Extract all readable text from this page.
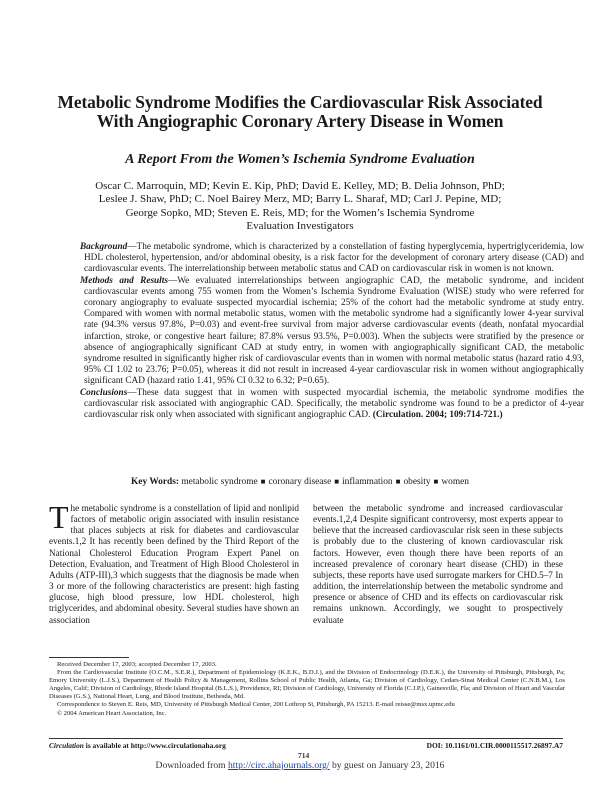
Metabolic Syndrome Modifies the Cardiovascular Risk Associated With Angiographic Coronary Artery Disease in Women
A Report From the Women’s Ischemia Syndrome Evaluation
Oscar C. Marroquin, MD; Kevin E. Kip, PhD; David E. Kelley, MD; B. Delia Johnson, PhD;
Leslee J. Shaw, PhD; C. Noel Bairey Merz, MD; Barry L. Sharaf, MD; Carl J. Pepine, MD;
George Sopko, MD; Steven E. Reis, MD; for the Women’s Ischemia Syndrome
Evaluation Investigators

Background—The metabolic syndrome, which is characterized by a constellation of fasting hyperglycemia, hypertriglyceridemia, low HDL cholesterol, hypertension, and/or abdominal obesity, is a risk factor for the development of coronary artery disease (CAD) and cardiovascular events. The interrelationship between metabolic status and CAD on cardiovascular risk in women is not known.

Methods and Results—We evaluated interrelationships between angiographic CAD, the metabolic syndrome, and incident cardiovascular events among 755 women from the Women’s Ischemia Syndrome Evaluation (WISE) study who were referred for coronary angiography to evaluate suspected myocardial ischemia; 25% of the cohort had the metabolic syndrome at study entry. Compared with women with normal metabolic status, women with the metabolic syndrome had a significantly lower 4-year survival rate (94.3% versus 97.8%, P=0.03) and event-free survival from major adverse cardiovascular events (death, nonfatal myocardial infarction, stroke, or congestive heart failure; 87.8% versus 93.5%, P=0.003). When the subjects were stratified by the presence or absence of angiographically significant CAD at study entry, in women with angiographically significant CAD, the metabolic syndrome resulted in significantly higher risk of cardiovascular events than in women with normal metabolic status (hazard ratio 4.93, 95% CI 1.02 to 23.76; P=0.05), whereas it did not result in increased 4-year cardiovascular risk in women without angiographically significant CAD (hazard ratio 1.41, 95% CI 0.32 to 6.32; P=0.65).

Conclusions—These data suggest that in women with suspected myocardial ischemia, the metabolic syndrome modifies the cardiovascular risk associated with angiographic CAD. Specifically, the metabolic syndrome was found to be a predictor of 4-year cardiovascular risk only when associated with significant angiographic CAD. (Circulation. 2004; 109:714-721.)

Key Words: metabolic syndrome ■ coronary disease ■ inflammation ■ obesity ■ women
The metabolic syndrome is a constellation of lipid and nonlipid factors of metabolic origin associated with insulin resistance that places subjects at risk for diabetes and cardiovascular events.1,2 It has recently been defined by the Third Report of the National Cholesterol Education Program Expert Panel on Detection, Evaluation, and Treatment of High Blood Cholesterol in Adults (ATP-III),3 which suggests that the diagnosis be made when 3 or more of the following characteristics are present: high fasting glucose, high blood pressure, low HDL cholesterol, high triglycerides, and abdominal obesity. Several studies have shown an association
between the metabolic syndrome and increased cardiovascular events.1,2,4 Despite significant controversy, most experts appear to believe that the increased cardiovascular risk seen in these subjects is probably due to the clustering of known cardiovascular risk factors. However, even though there have been reports of an increased prevalence of coronary heart disease (CHD) in these subjects, these reports have used surrogate markers for CHD.5–7 In addition, the interrelationship between the metabolic syndrome and presence or absence of CHD and its effects on cardiovascular risk remains unknown. Accordingly, we sought to prospectively evaluate

Received December 17, 2003; accepted December 17, 2003.

From the Cardiovascular Institute (O.C.M., S.E.R.), Department of Epidemiology (K.E.K., B.D.J.), and the Division of Endocrinology (D.E.K.), the University of Pittsburgh, Pittsburgh, Pa; Emory University (L.J.S.), Department of Health Policy & Management, Rollins School of Public Health, Atlanta, Ga; Division of Cardiology, Cedars-Sinai Medical Center (C.N.B.M.), Los Angeles, Calif; Division of Cardiology, Rhode Island Hospital (B.L.S.), Providence, RI; Division of Cardiology, University of Florida (C.J.P.), Gainesville, Fla; and Division of Heart and Vascular Diseases (G.S.), National Heart, Lung, and Blood Institute, Bethesda, Md.

Correspondence to Steven E. Reis, MD, University of Pittsburgh Medical Center, 200 Lothrop St, Pittsburgh, PA 15213. E-mail reisse@msx.upmc.edu

© 2004 American Heart Association, Inc.

Circulation is available at http://www.circulationaha.org	DOI: 10.1161/01.CIR.0000115517.26897.A7
Downloaded from http://circ.ahajournals.org/ by guest on January 23, 2016
714
